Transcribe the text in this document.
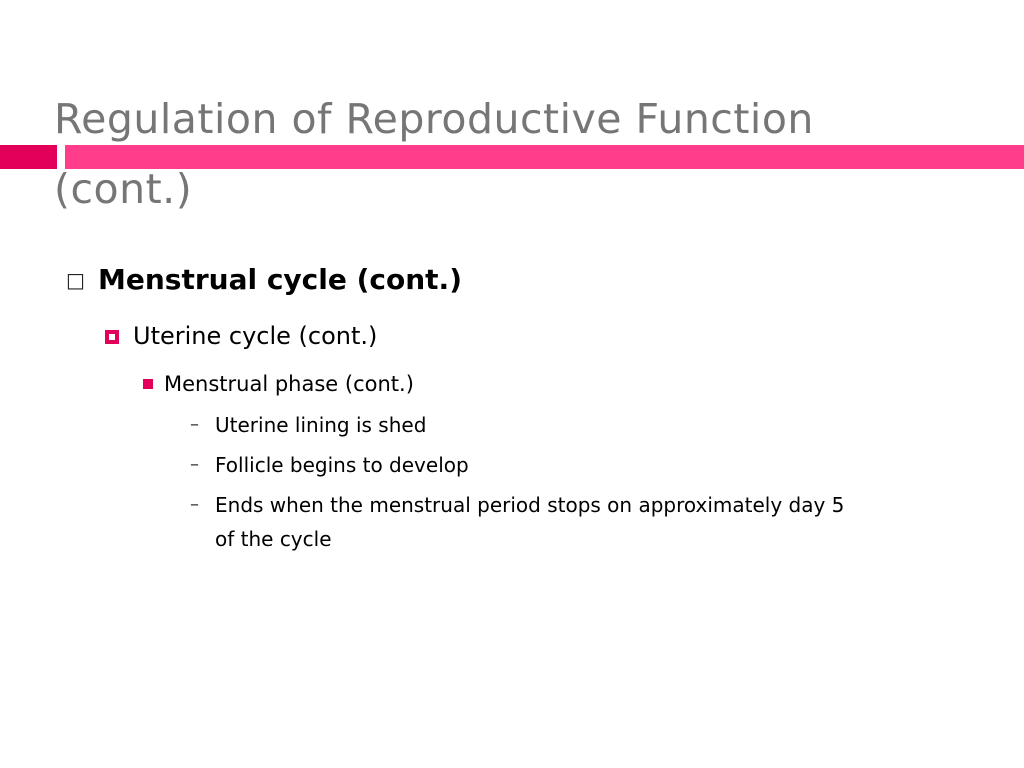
Regulation of Reproductive Function (cont.)
□ Menstrual cycle (cont.)
Uterine cycle (cont.)
Menstrual phase (cont.)
– Uterine lining is shed
– Follicle begins to develop
– Ends when the menstrual period stops on approximately day 5 of the cycle
